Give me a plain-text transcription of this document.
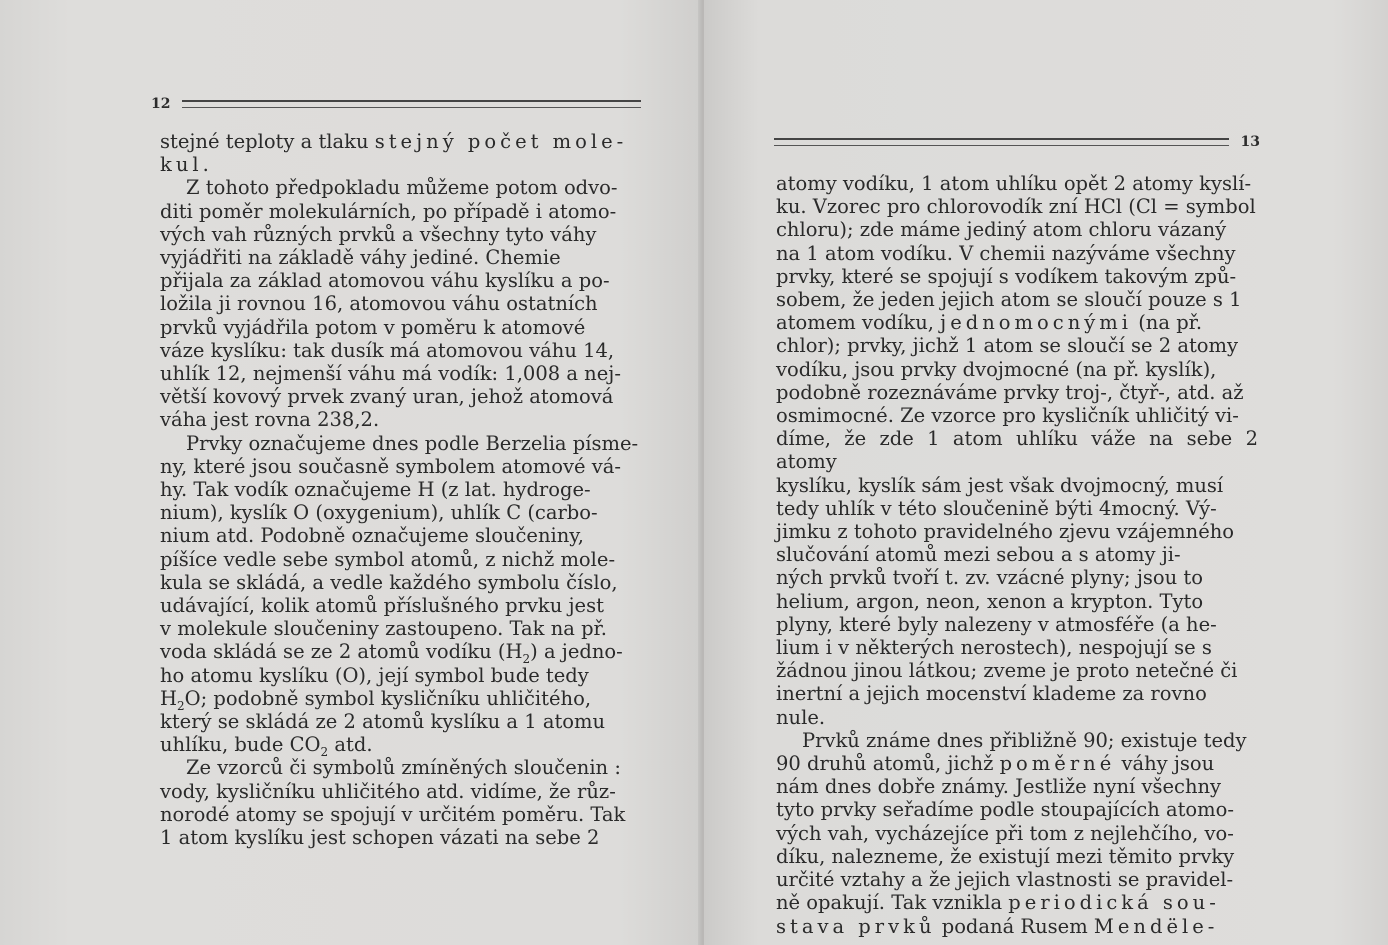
12

stejné teploty a tlaku stejný počet mole-
kul.

Z tohoto předpokladu můžeme potom odvo-
diti poměr molekulárních, po případě i atomo-
vých vah různých prvků a všechny tyto váhy
vyjádřiti na základě váhy jediné. Chemie
přijala za základ atomovou váhu kyslíku a po-
ložila ji rovnou 16, atomovou váhu ostatních
prvků vyjádřila potom v poměru k atomové
váze kyslíku: tak dusík má atomovou váhu 14,
uhlík 12, nejmenší váhu má vodík: 1,008 a nej-
větší kovový prvek zvaný uran, jehož atomová
váha jest rovna 238,2.

Prvky označujeme dnes podle Berzelia písme-
ny, které jsou současně symbolem atomové vá-
hy. Tak vodík označujeme H (z lat. hydroge-
nium), kyslík O (oxygenium), uhlík C (carbo-
nium atd. Podobně označujeme sloučeniny,
píšíce vedle sebe symbol atomů, z nichž mole-
kula se skládá, a vedle každého symbolu číslo,
udávající, kolik atomů příslušného prvku jest
v molekule sloučeniny zastoupeno. Tak na př.
voda skládá se ze 2 atomů vodíku $(H_2)$ a jedno-
ho atomu kyslíku (O), její symbol bude tedy
$H_2O$; podobně symbol kysličníku uhličitého,
který se skládá ze 2 atomů kyslíku a 1 atomu
uhlíku, bude $CO_2$ atd.

Ze vzorců či symbolů zmíněných sloučenin :
vody, kysličníku uhličitého atd. vidíme, že růz-
norodé atomy se spojují v určitém poměru. Tak
1 atom kyslíku jest schopen vázati na sebe 2

13

atomy vodíku, 1 atom uhlíku opět 2 atomy kyslí-
ku. Vzorec pro chlorovodík zní HCl (Cl = symbol
chloru); zde máme jediný atom chloru vázaný
na 1 atom vodíku. V chemii nazýváme všechny
prvky, které se spojují s vodíkem takovým způ-
sobem, že jeden jejich atom se sloučí pouze s 1
atomem vodíku, jednomocnými (na př.
chlor); prvky, jichž 1 atom se sloučí se 2 atomy
vodíku, jsou prvky dvojmocné (na př. kyslík),
podobně rozeznáváme prvky troj-, čtyř-, atd. až
osmimocné. Ze vzorce pro kysličník uhličitý vi-
díme, že zde 1 atom uhlíku váže na sebe 2 atomy
kyslíku, kyslík sám jest však dvojmocný, musí
tedy uhlík v této sloučenině býti 4mocný. Vý-
jimku z tohoto pravidelného zjevu vzájemného
slučování atomů mezi sebou a s atomy ji-
ných prvků tvoří t. zv. vzácné plyny; jsou to
helium, argon, neon, xenon a krypton. Tyto
plyny, které byly nalezeny v atmosféře (a he-
lium i v některých nerostech), nespojují se s
žádnou jinou látkou; zveme je proto netečné či
inertní a jejich mocenství klademe za rovno
nule.

Prvků známe dnes přibližně 90; existuje tedy
90 druhů atomů, jichž poměrné váhy jsou
nám dnes dobře známy. Jestliže nyní všechny
tyto prvky seřadíme podle stoupajících atomo-
vých vah, vycházejíce při tom z nejlehčího, vo-
díku, nalezneme, že existují mezi těmito prvky
určité vztahy a že jejich vlastnosti se pravidel-
ně opakují. Tak vznikla periodická sou-
stava prvků podaná Rusem Mendële-
